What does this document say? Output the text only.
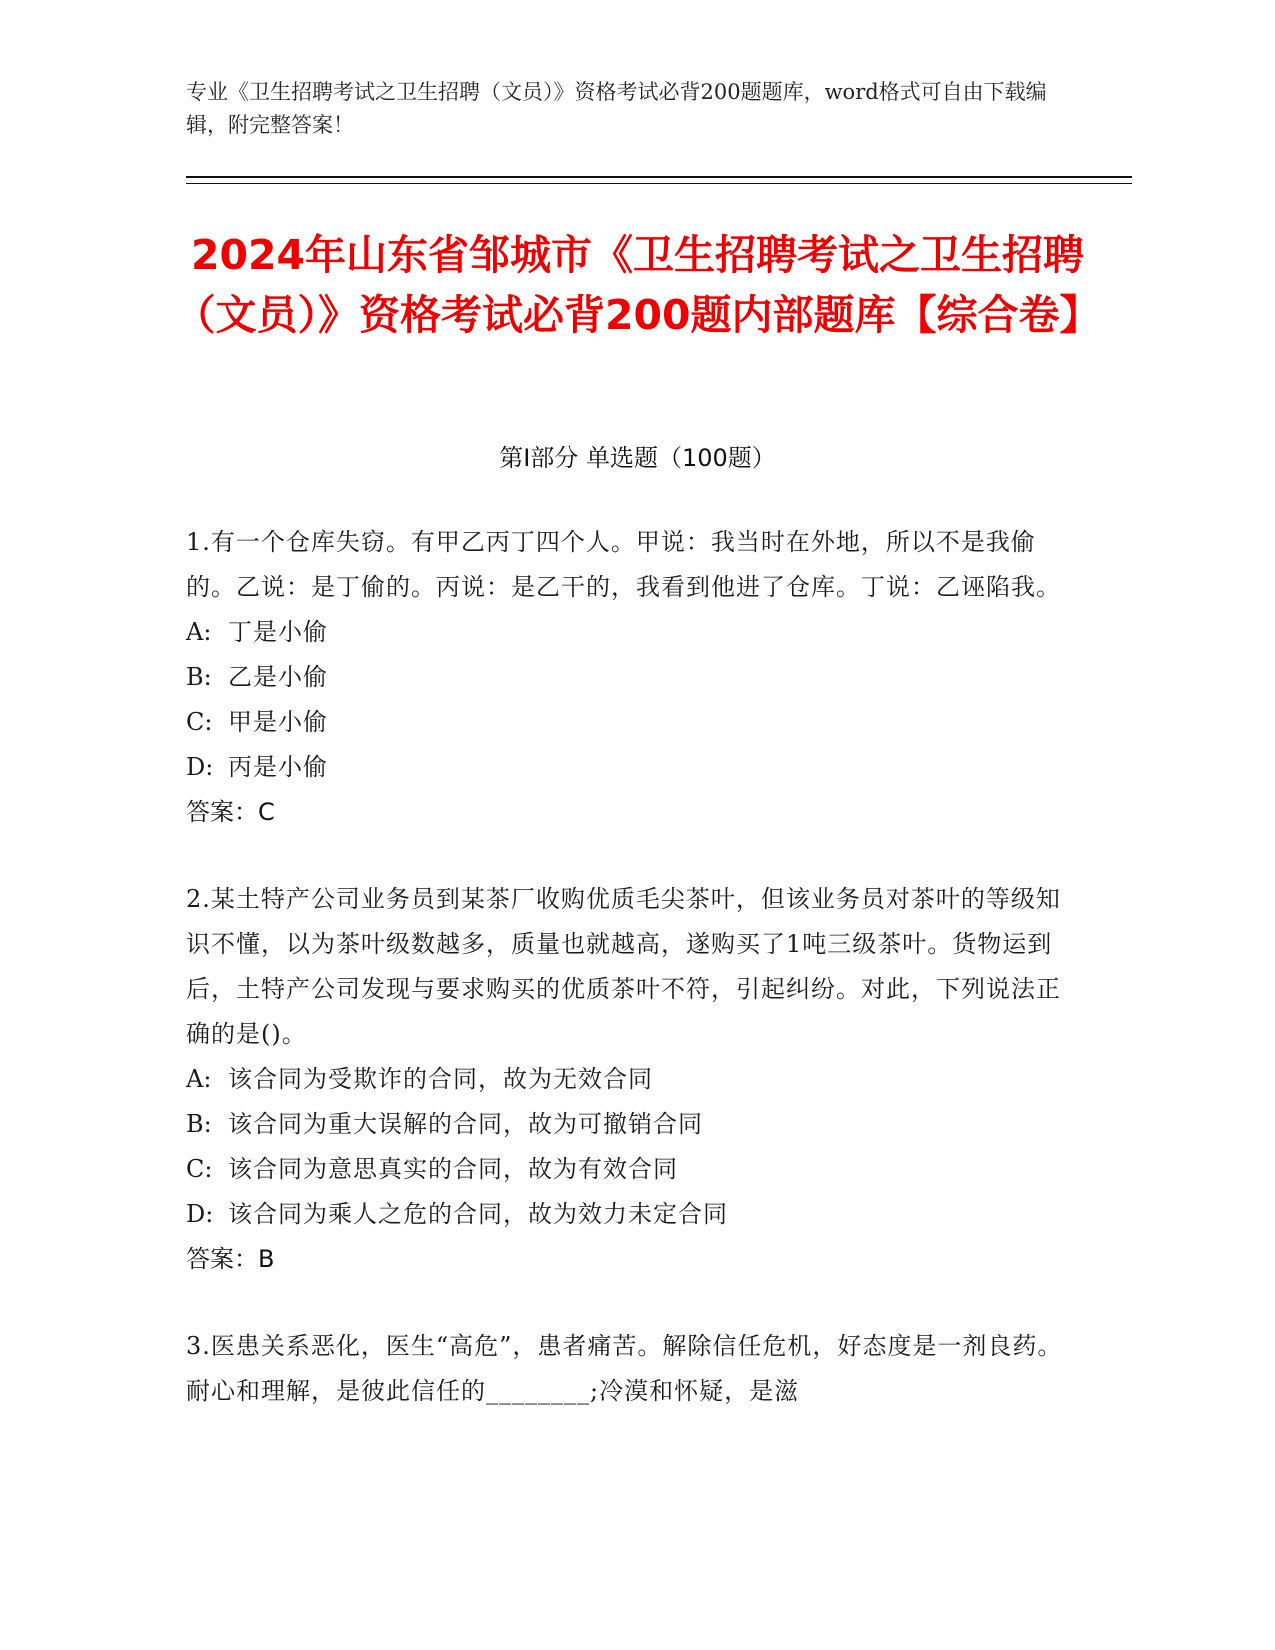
专业《卫生招聘考试之卫生招聘（文员）》资格考试必背200题题库，word格式可自由下载编辑，附完整答案！
2024年山东省邹城市《卫生招聘考试之卫生招聘（文员）》资格考试必背200题内部题库【综合卷】
第Ⅰ部分 单选题（100题）

1.有一个仓库失窃。有甲乙丙丁四个人。甲说：我当时在外地，所以不是我偷的。乙说：是丁偷的。丙说：是乙干的，我看到他进了仓库。丁说：乙诬陷我。

A: 丁是小偷
B: 乙是小偷
C: 甲是小偷
D: 丙是小偷

答案：C

2.某土特产公司业务员到某茶厂收购优质毛尖茶叶，但该业务员对茶叶的等级知识不懂，以为茶叶级数越多，质量也就越高，遂购买了1吨三级茶叶。货物运到后，土特产公司发现与要求购买的优质茶叶不符，引起纠纷。对此，下列说法正确的是()。

A: 该合同为受欺诈的合同，故为无效合同
B: 该合同为重大误解的合同，故为可撤销合同
C: 该合同为意思真实的合同，故为有效合同
D: 该合同为乘人之危的合同，故为效力未定合同

答案：B

3.医患关系恶化，医生“高危”，患者痛苦。解除信任危机，好态度是一剂良药。耐心和理解，是彼此信任的________;冷漠和怀疑，是滋
